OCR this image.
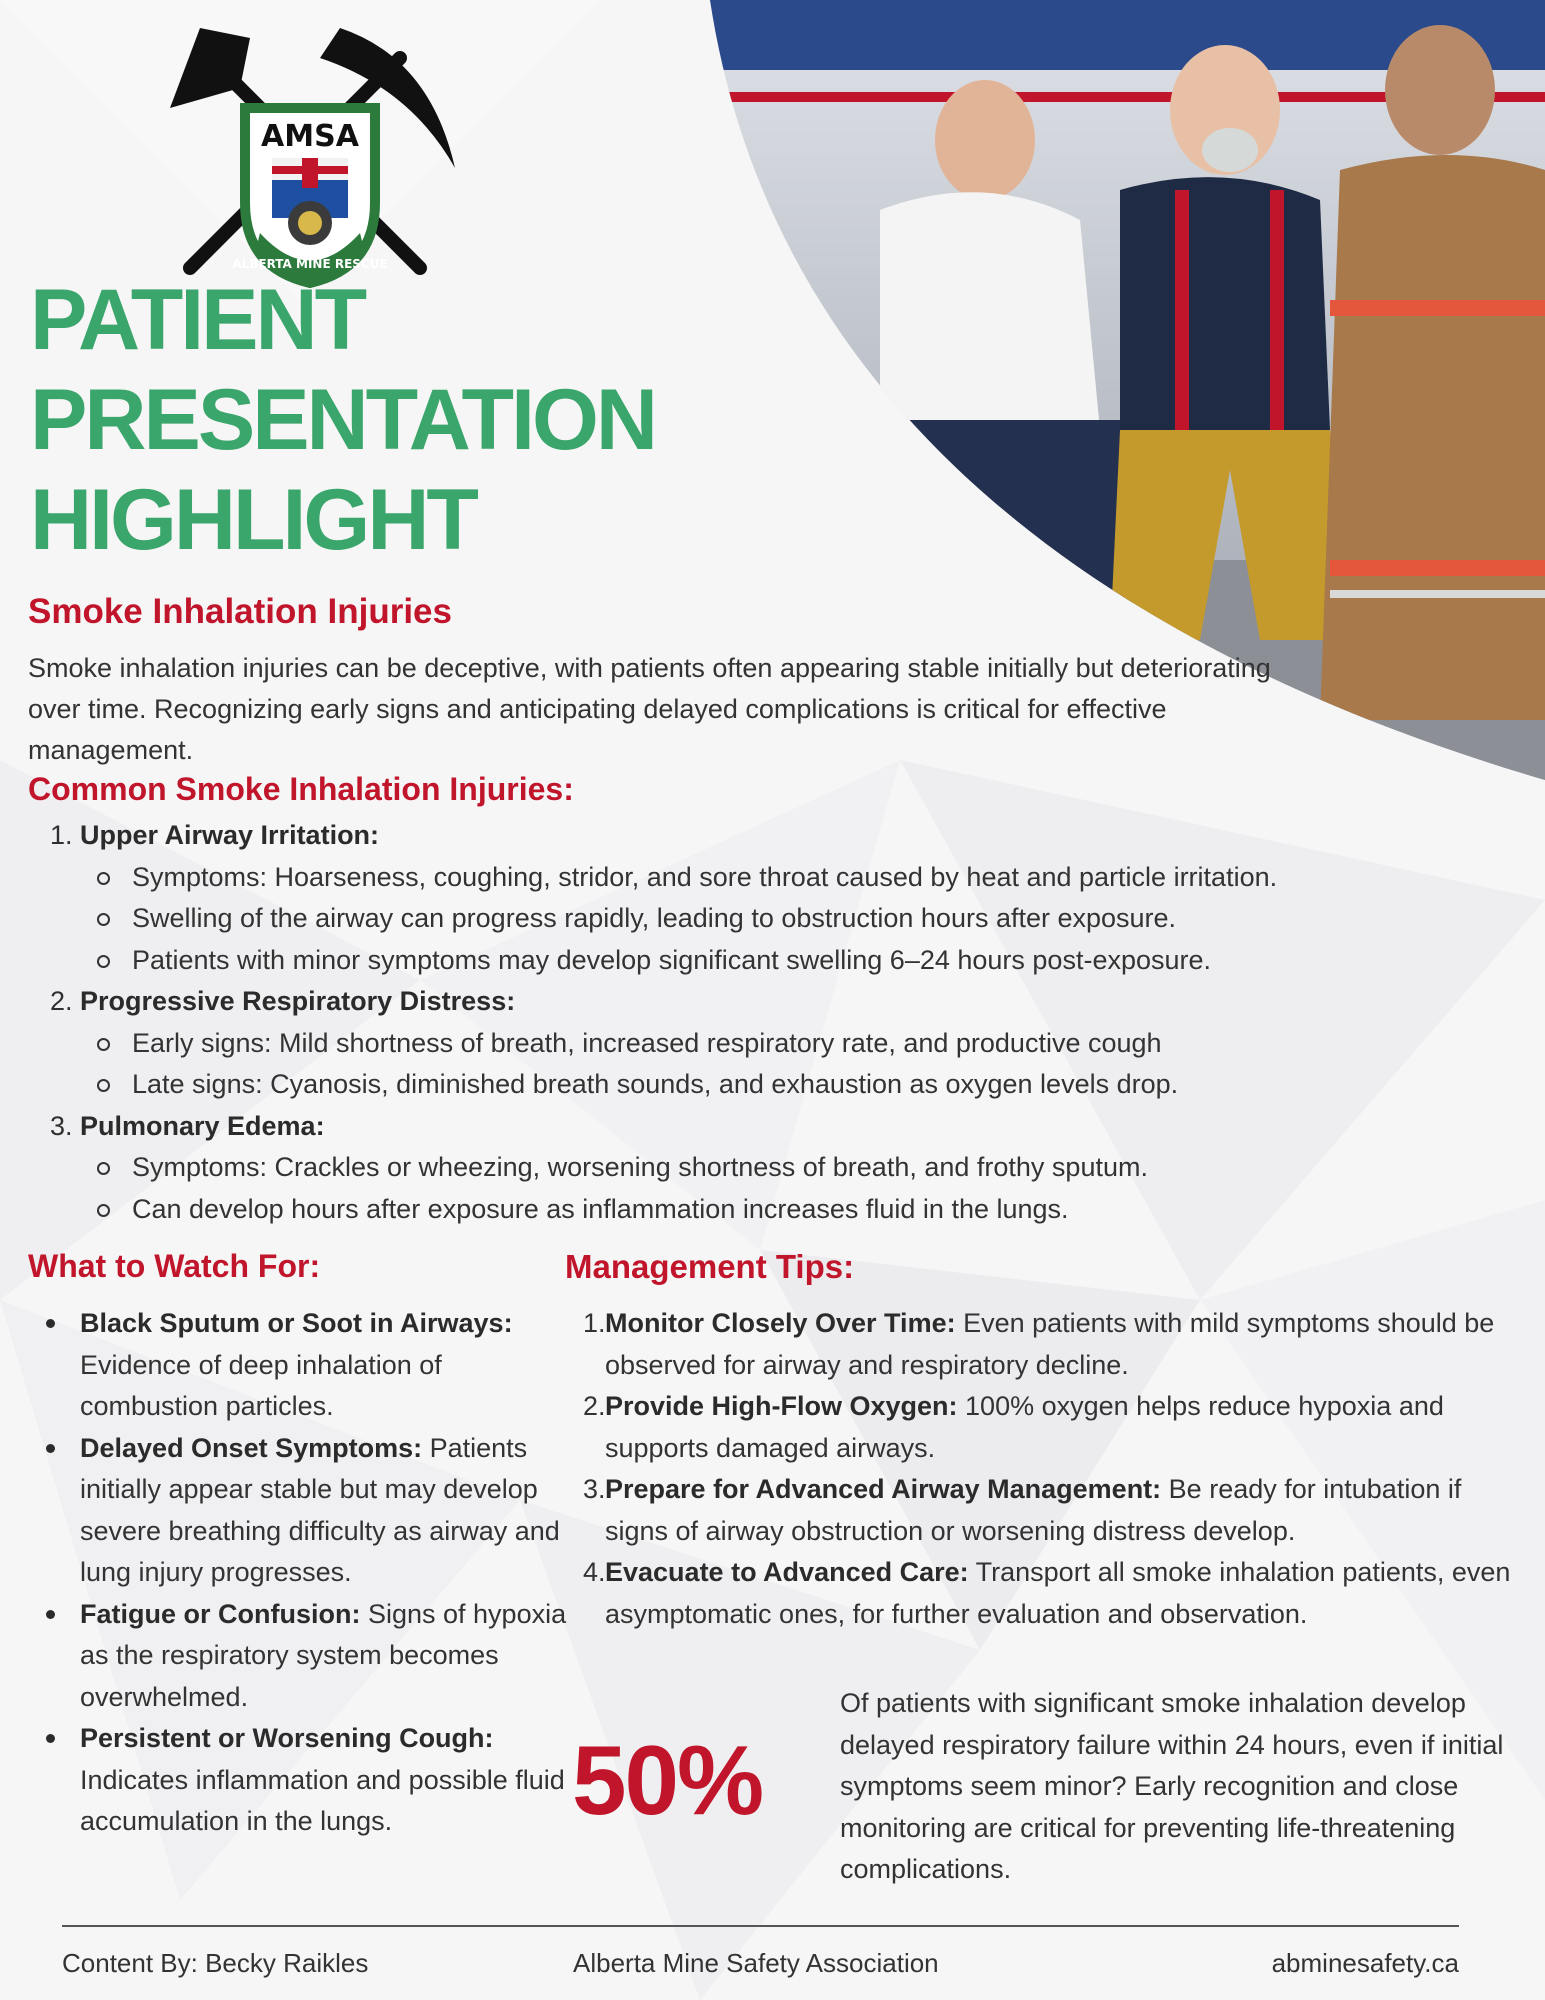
AMSA
ALBERTA MINE RESCUE
PATIENT
PRESENTATION
HIGHLIGHT
Smoke Inhalation Injuries

Smoke inhalation injuries can be deceptive, with patients often appearing stable initially but deteriorating over time. Recognizing early signs and anticipating delayed complications is critical for effective management.

Common Smoke Inhalation Injuries:
1. Upper Airway Irritation:
Symptoms: Hoarseness, coughing, stridor, and sore throat caused by heat and particle irritation.
Swelling of the airway can progress rapidly, leading to obstruction hours after exposure.
Patients with minor symptoms may develop significant swelling 6–24 hours post-exposure.
2. Progressive Respiratory Distress:
Early signs: Mild shortness of breath, increased respiratory rate, and productive cough
Late signs: Cyanosis, diminished breath sounds, and exhaustion as oxygen levels drop.
3. Pulmonary Edema:
Symptoms: Crackles or wheezing, worsening shortness of breath, and frothy sputum.
Can develop hours after exposure as inflammation increases fluid in the lungs.
What to Watch For:
Black Sputum or Soot in Airways: Evidence of deep inhalation of combustion particles.
Delayed Onset Symptoms: Patients initially appear stable but may develop severe breathing difficulty as airway and lung injury progresses.
Fatigue or Confusion: Signs of hypoxia as the respiratory system becomes overwhelmed.
Persistent or Worsening Cough: Indicates inflammation and possible fluid accumulation in the lungs.
Management Tips:
1. Monitor Closely Over Time: Even patients with mild symptoms should be observed for airway and respiratory decline.
2. Provide High-Flow Oxygen: 100% oxygen helps reduce hypoxia and supports damaged airways.
3. Prepare for Advanced Airway Management: Be ready for intubation if signs of airway obstruction or worsening distress develop.
4. Evacuate to Advanced Care: Transport all smoke inhalation patients, even asymptomatic ones, for further evaluation and observation.
50%

Of patients with significant smoke inhalation develop delayed respiratory failure within 24 hours, even if initial symptoms seem minor? Early recognition and close monitoring are critical for preventing life-threatening complications.

Content By: Becky Raikles	Alberta Mine Safety Association	abminesafety.ca
